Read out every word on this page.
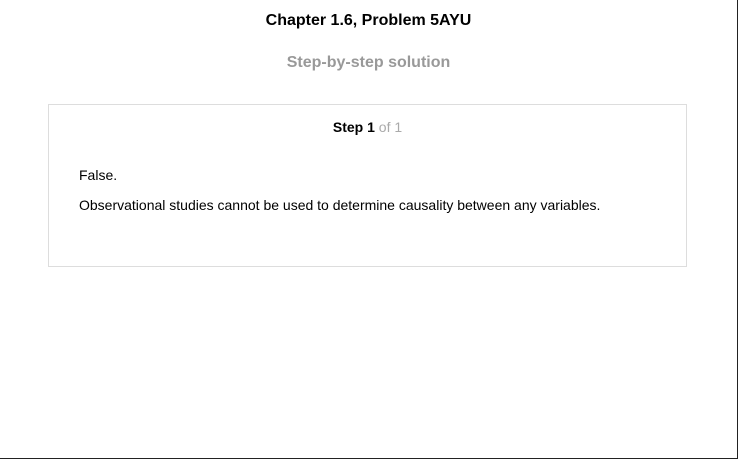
Chapter 1.6, Problem 5AYU
Step-by-step solution
Step 1 of 1

False.

Observational studies cannot be used to determine causality between any variables.
